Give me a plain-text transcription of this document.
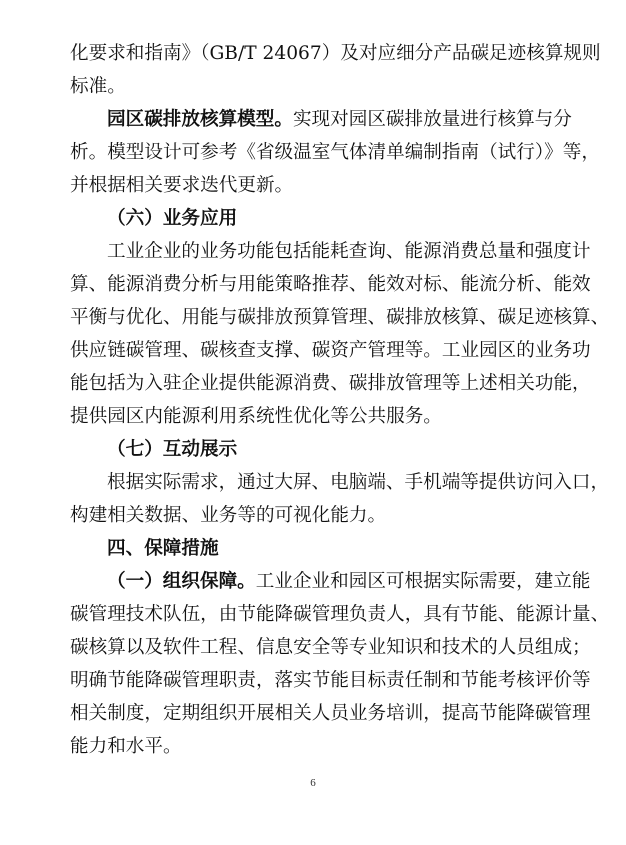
化要求和指南》（GB/T 24067）及对应细分产品碳足迹核算规则
标准。
园区碳排放核算模型。实现对园区碳排放量进行核算与分
析。模型设计可参考《省级温室气体清单编制指南（试行）》等，
并根据相关要求迭代更新。
（六）业务应用
工业企业的业务功能包括能耗查询、能源消费总量和强度计
算、能源消费分析与用能策略推荐、能效对标、能流分析、能效
平衡与优化、用能与碳排放预算管理、碳排放核算、碳足迹核算、
供应链碳管理、碳核查支撑、碳资产管理等。工业园区的业务功
能包括为入驻企业提供能源消费、碳排放管理等上述相关功能，
提供园区内能源利用系统性优化等公共服务。
（七）互动展示
根据实际需求，通过大屏、电脑端、手机端等提供访问入口，
构建相关数据、业务等的可视化能力。
四、保障措施
（一）组织保障。工业企业和园区可根据实际需要，建立能
碳管理技术队伍，由节能降碳管理负责人，具有节能、能源计量、
碳核算以及软件工程、信息安全等专业知识和技术的人员组成；
明确节能降碳管理职责，落实节能目标责任制和节能考核评价等
相关制度，定期组织开展相关人员业务培训，提高节能降碳管理
能力和水平。
6
